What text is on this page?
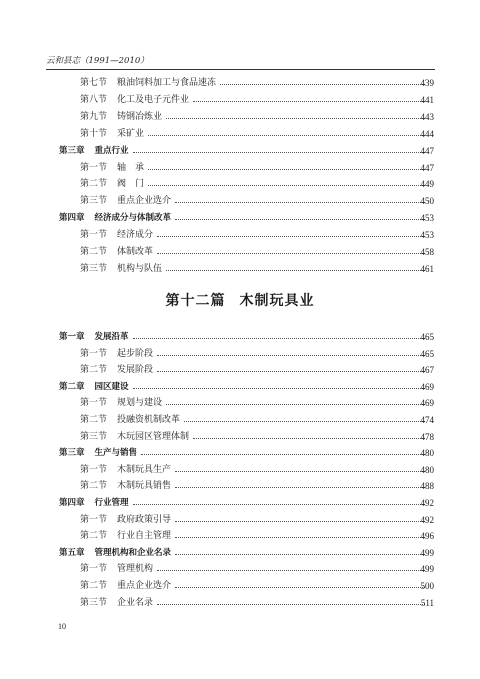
云和县志（1991—2010）
第七节 粮油饲料加工与食品速冻	439
第八节 化工及电子元件业	441
第九节 铸钢冶炼业	443
第十节 采矿业	444
第三章 重点行业	447
第一节 轴　承	447
第二节 阀　门	449
第三节 重点企业选介	450
第四章 经济成分与体制改革	453
第一节 经济成分	453
第二节 体制改革	458
第三节 机构与队伍	461
第十二篇 木制玩具业
第一章 发展沿革	465
第一节 起步阶段	465
第二节 发展阶段	467
第二章 园区建设	469
第一节 规划与建设	469
第二节 投融资机制改革	474
第三节 木玩园区管理体制	478
第三章 生产与销售	480
第一节 木制玩具生产	480
第二节 木制玩具销售	488
第四章 行业管理	492
第一节 政府政策引导	492
第二节 行业自主管理	496
第五章 管理机构和企业名录	499
第一节 管理机构	499
第二节 重点企业选介	500
第三节 企业名录	511
10
